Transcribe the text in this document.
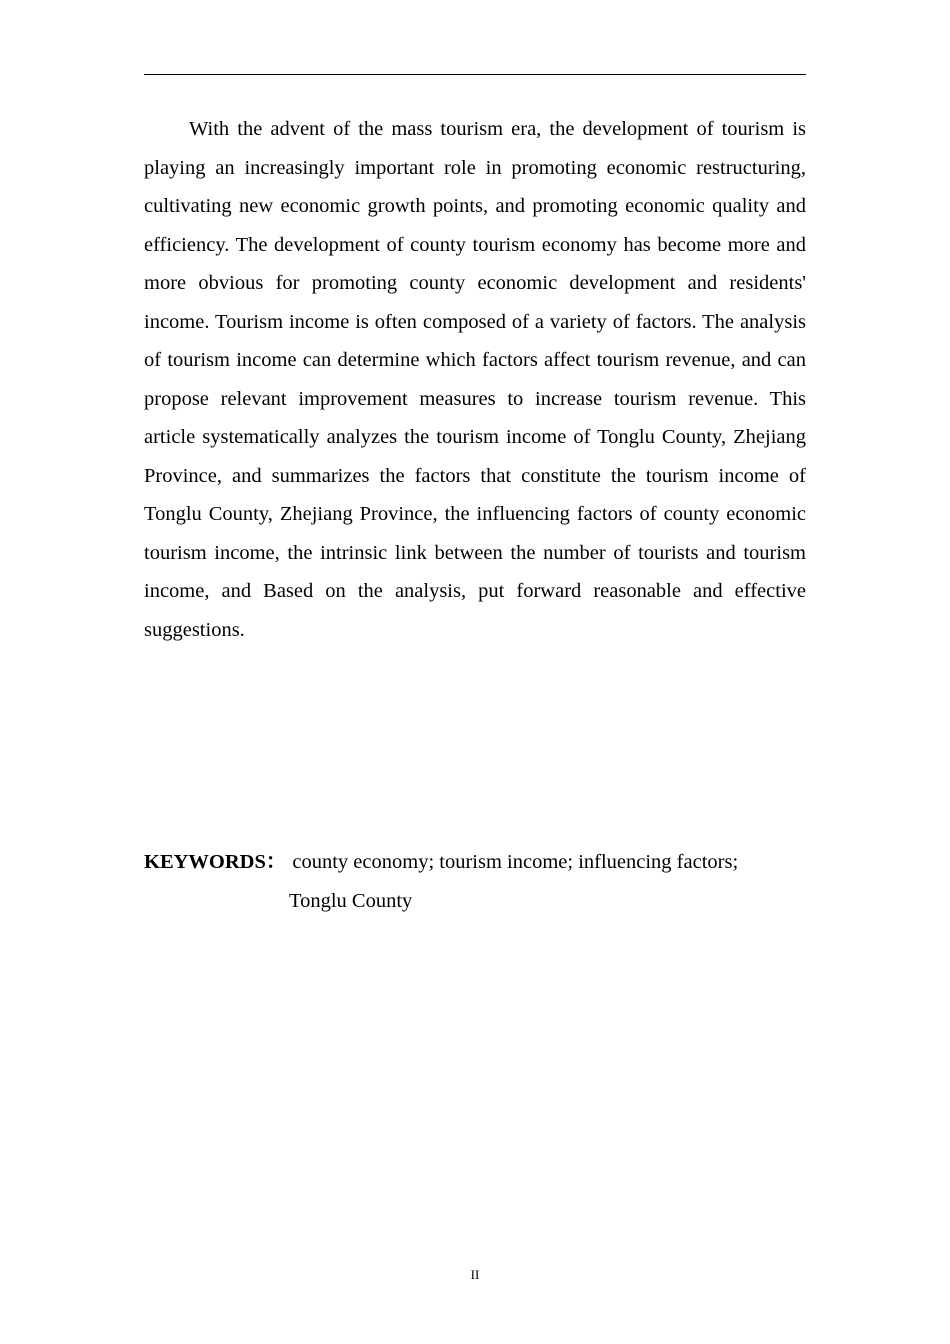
With the advent of the mass tourism era, the development of tourism is playing an increasingly important role in promoting economic restructuring, cultivating new economic growth points, and promoting economic quality and efficiency. The development of county tourism economy has become more and more obvious for promoting county economic development and residents' income. Tourism income is often composed of a variety of factors. The analysis of tourism income can determine which factors affect tourism revenue, and can propose relevant improvement measures to increase tourism revenue. This article systematically analyzes the tourism income of Tonglu County, Zhejiang Province, and summarizes the factors that constitute the tourism income of Tonglu County, Zhejiang Province, the influencing factors of county economic tourism income, the intrinsic link between the number of tourists and tourism income, and Based on the analysis, put forward reasonable and effective suggestions.

KEYWORDS： county economy; tourism income; influencing factors;
Tonglu County
II
